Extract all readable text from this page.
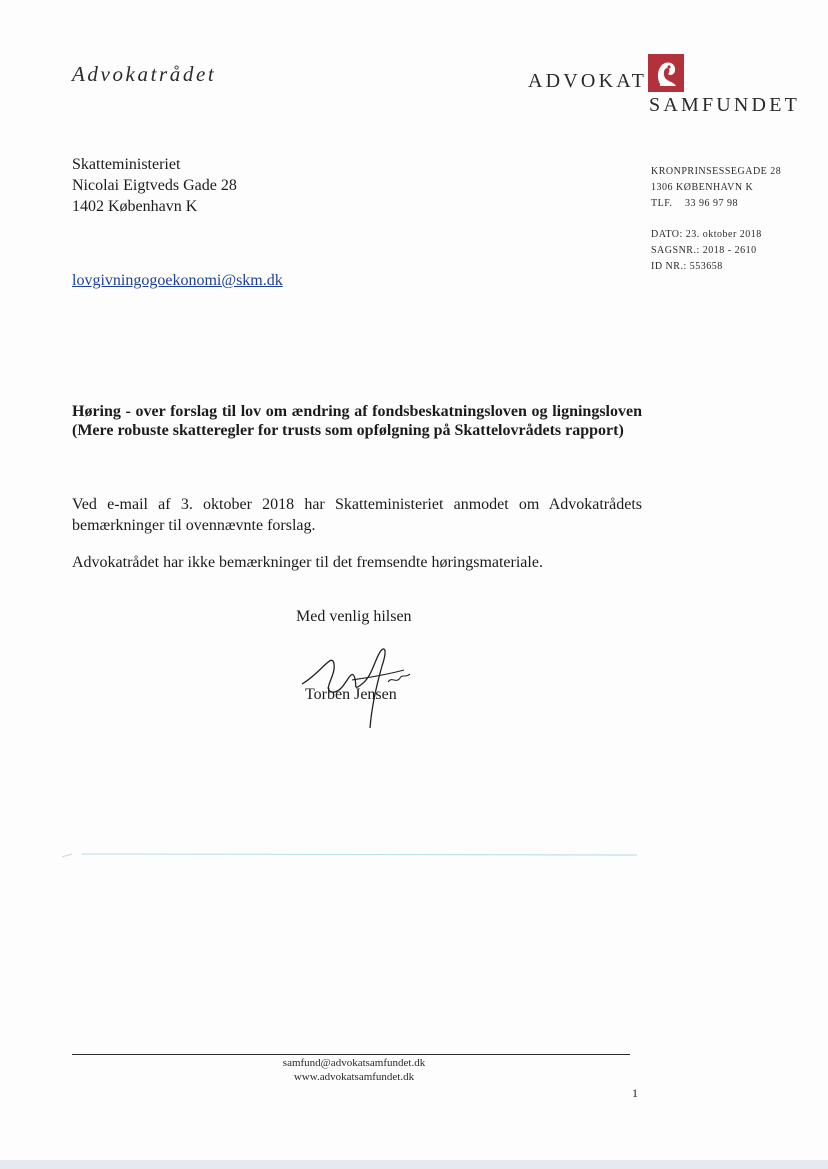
Advokatrådet	ADVOKAT
SAMFUNDET
Skatteministeriet
Nicolai Eigtveds Gade 28
1402 København K
KRONPRINSESSEGADE 28
1306 KØBENHAVN K
TLF. 33 96 97 98
DATO: 23. oktober 2018
SAGSNR.: 2018 - 2610
ID NR.: 553658
lovgivningogoekonomi@skm.dk
Høring - over forslag til lov om ændring af fondsbeskatningsloven og ligningsloven (Mere robuste skatteregler for trusts som opfølgning på Skattelovrådets rapport)
Ved e-mail af 3. oktober 2018 har Skatteministeriet anmodet om Advokatrådets bemærkninger til ovennævnte forslag.
Advokatrådet har ikke bemærkninger til det fremsendte høringsmateriale.
Med venlig hilsen
Torben Jensen
samfund@advokatsamfundet.dk
www.advokatsamfundet.dk
1
